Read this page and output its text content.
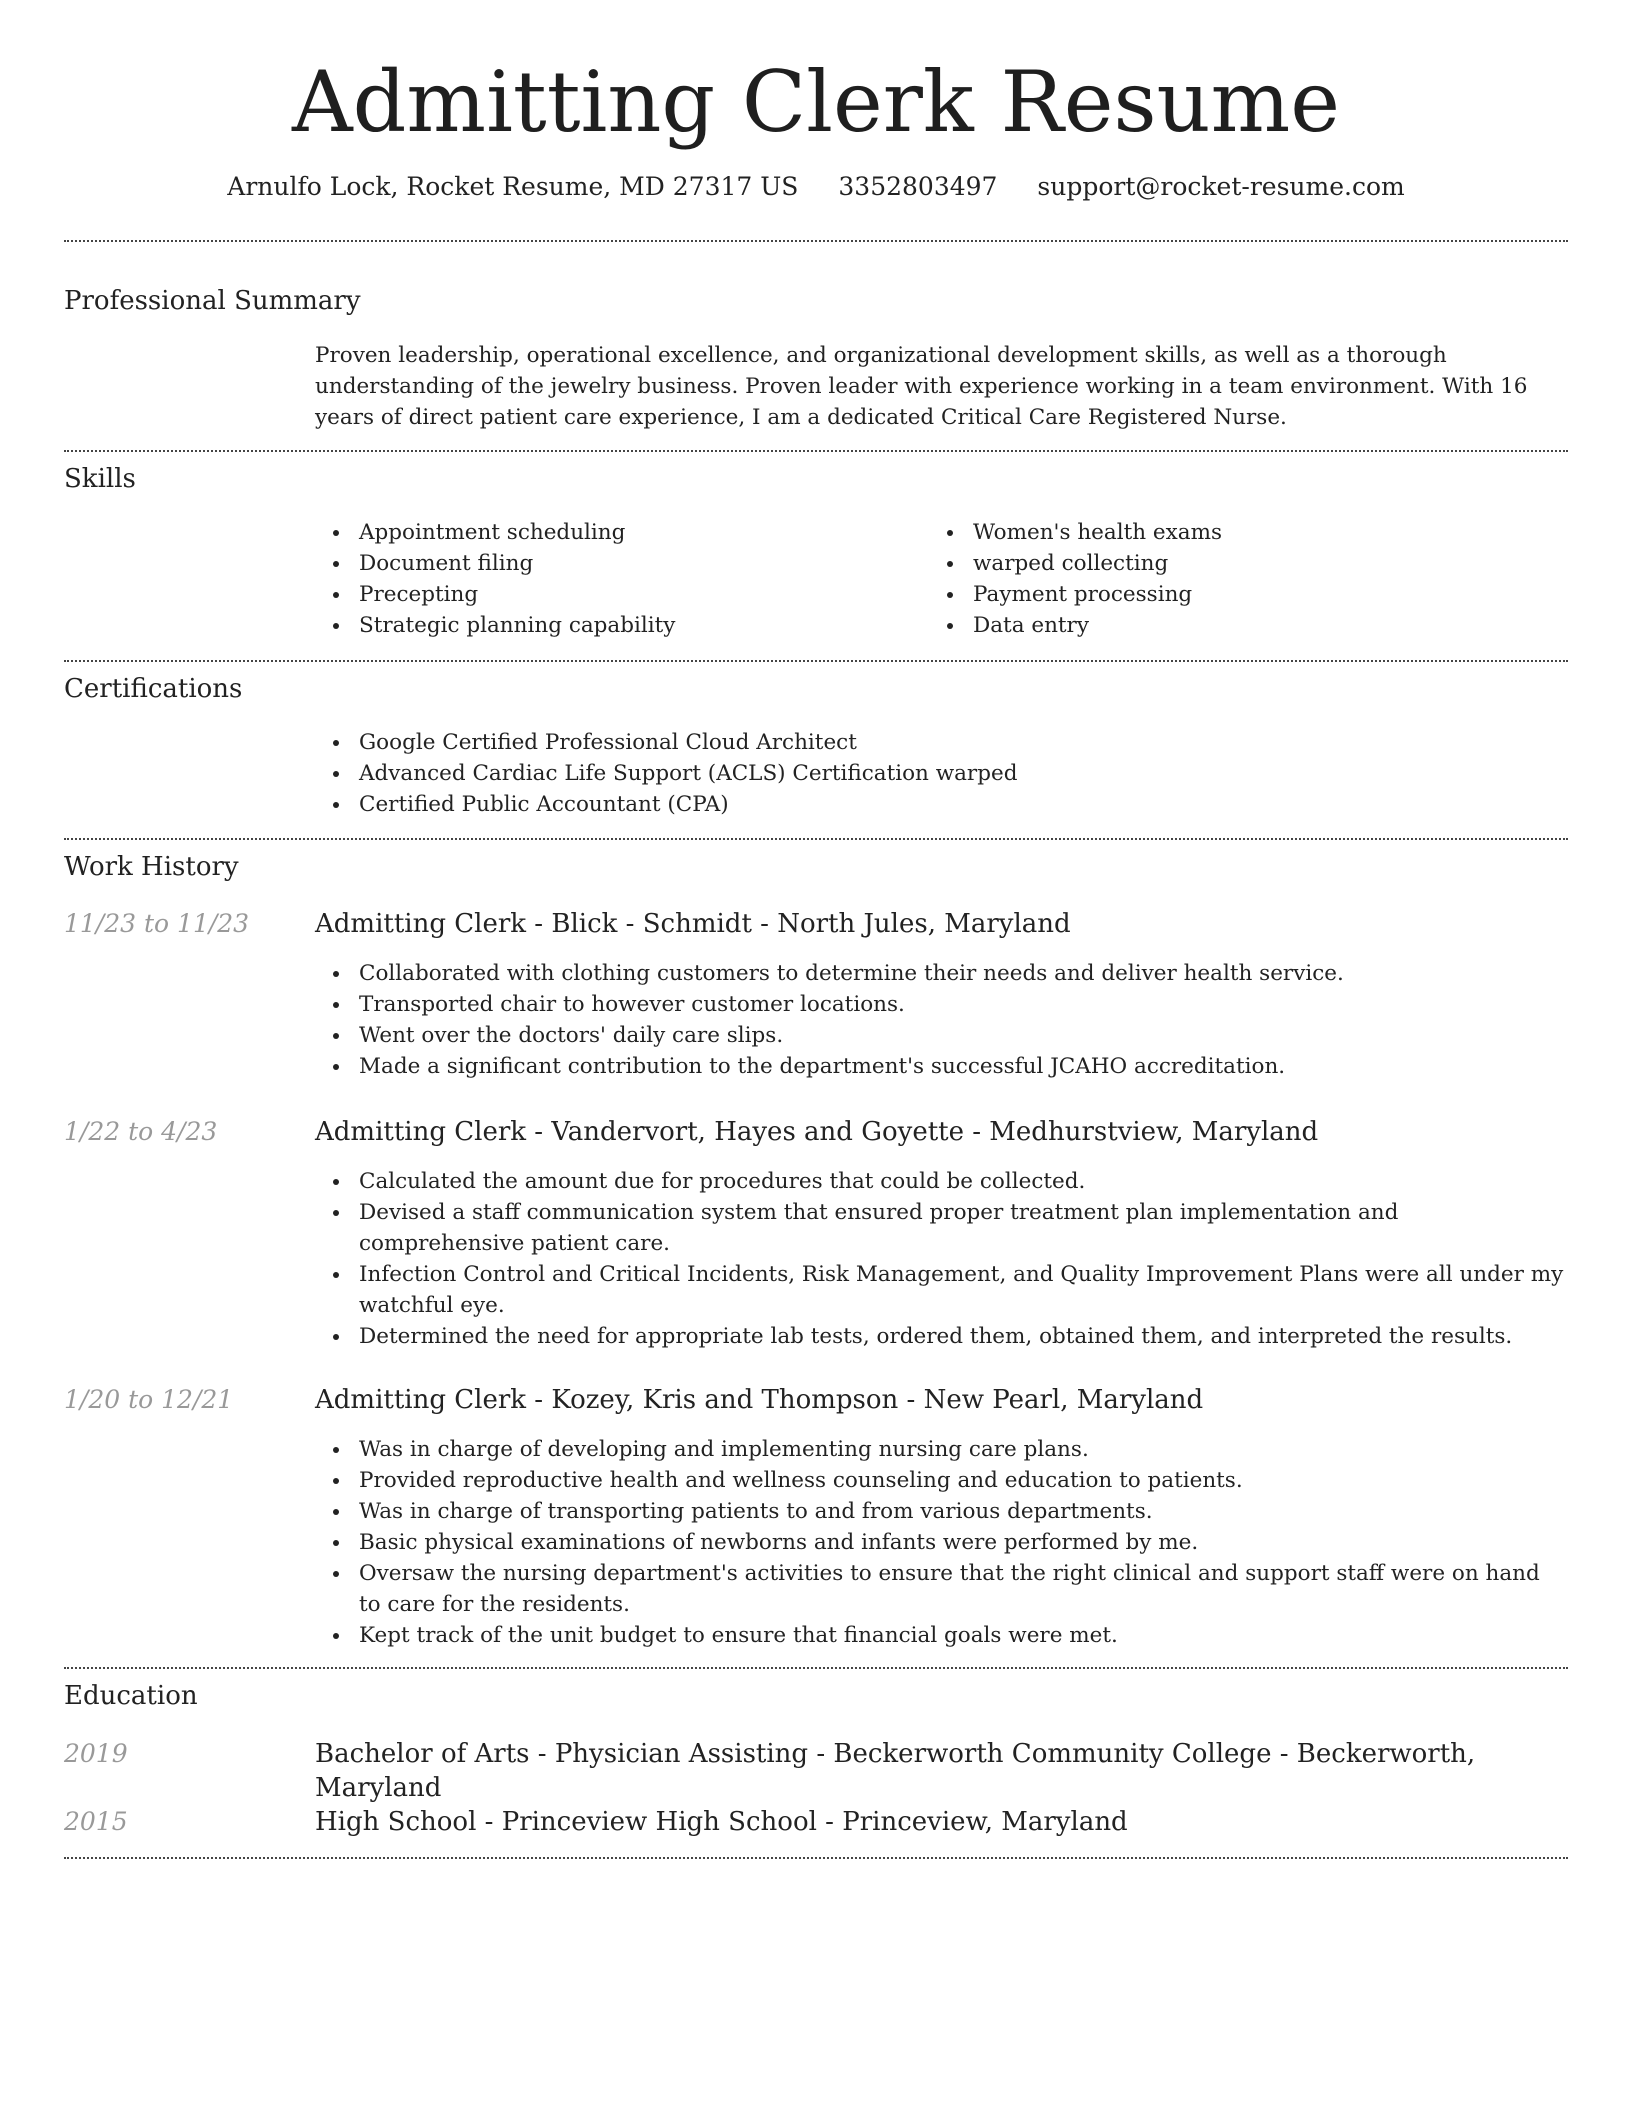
Admitting Clerk Resume
Arnulfo Lock, Rocket Resume, MD 27317 US 3352803497 support@rocket-resume.com
Professional Summary

Proven leadership, operational excellence, and organizational development skills, as well as a thorough understanding of the jewelry business. Proven leader with experience working in a team environment. With 16 years of direct patient care experience, I am a dedicated Critical Care Registered Nurse.

Skills
Appointment scheduling
Document filing
Precepting
Strategic planning capability
Women's health exams
warped collecting
Payment processing
Data entry
Certifications
Google Certified Professional Cloud Architect
Advanced Cardiac Life Support (ACLS) Certification warped
Certified Public Accountant (CPA)
Work History
11/23 to 11/23	Admitting Clerk - Blick - Schmidt - North Jules, Maryland
Collaborated with clothing customers to determine their needs and deliver health service.
Transported chair to however customer locations.
Went over the doctors' daily care slips.
Made a significant contribution to the department's successful JCAHO accreditation.
1/22 to 4/23	Admitting Clerk - Vandervort, Hayes and Goyette - Medhurstview, Maryland
Calculated the amount due for procedures that could be collected.
Devised a staff communication system that ensured proper treatment plan implementation and comprehensive patient care.
Infection Control and Critical Incidents, Risk Management, and Quality Improvement Plans were all under my watchful eye.
Determined the need for appropriate lab tests, ordered them, obtained them, and interpreted the results.
1/20 to 12/21	Admitting Clerk - Kozey, Kris and Thompson - New Pearl, Maryland
Was in charge of developing and implementing nursing care plans.
Provided reproductive health and wellness counseling and education to patients.
Was in charge of transporting patients to and from various departments.
Basic physical examinations of newborns and infants were performed by me.
Oversaw the nursing department's activities to ensure that the right clinical and support staff were on hand to care for the residents.
Kept track of the unit budget to ensure that financial goals were met.
Education
2019	Bachelor of Arts - Physician Assisting - Beckerworth Community College - Beckerworth, Maryland
2015	High School - Princeview High School - Princeview, Maryland
